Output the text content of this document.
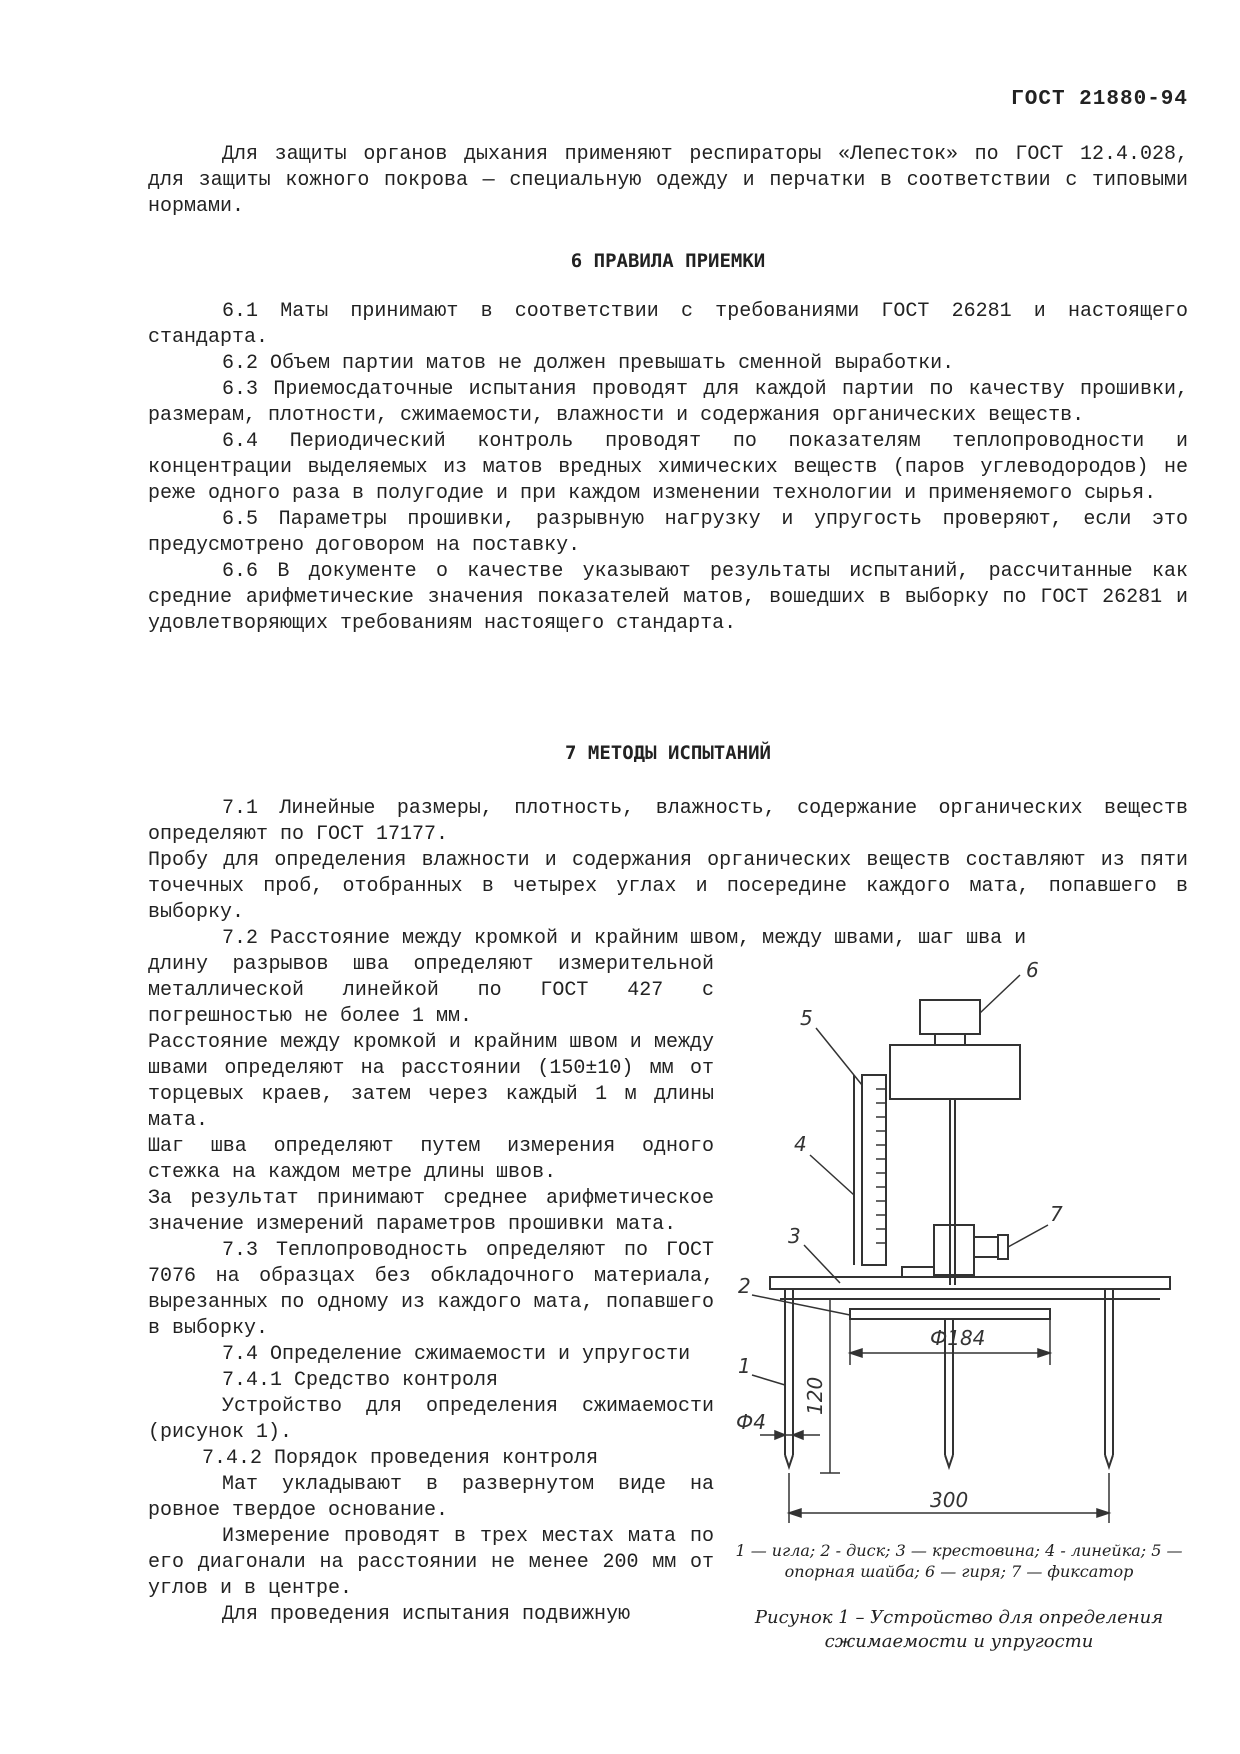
ГОСТ 21880-94

Для защиты органов дыхания применяют респираторы «Лепесток» по ГОСТ 12.4.028, для защиты кожного покрова — специальную одежду и перчатки в соответствии с типовыми нормами.

6 ПРАВИЛА ПРИЕМКИ

6.1 Маты принимают в соответствии с требованиями ГОСТ 26281 и настоящего стандарта.

6.2 Объем партии матов не должен превышать сменной выработки.

6.3 Приемосдаточные испытания проводят для каждой партии по качеству прошивки, размерам, плотности, сжимаемости, влажности и содержания органических веществ.

6.4 Периодический контроль проводят по показателям теплопроводности и концентрации выделяемых из матов вредных химических веществ (паров углеводородов) не реже одного раза в полугодие и при каждом изменении технологии и применяемого сырья.

6.5 Параметры прошивки, разрывную нагрузку и упругость проверяют, если это предусмотрено договором на поставку.

6.6 В документе о качестве указывают результаты испытаний, рассчитанные как средние арифметические значения показателей матов, вошедших в выборку по ГОСТ 26281 и удовлетворяющих требованиям настоящего стандарта.

7 МЕТОДЫ ИСПЫТАНИЙ

7.1 Линейные размеры, плотность, влажность, содержание органических веществ определяют по ГОСТ 17177.

Пробу для определения влажности и содержания органических веществ составляют из пяти точечных проб, отобранных в четырех углах и посередине каждого мата, попавшего в выборку.

7.2 Расстояние между кромкой и крайним швом, между швами, шаг шва и

длину разрывов шва определяют измерительной металлической линейкой по ГОСТ 427 с погрешностью не более 1 мм.

Расстояние между кромкой и крайним швом и между швами определяют на расстоянии (150±10) мм от торцевых краев, затем через каждый 1 м длины мата.

Шаг шва определяют путем измерения одного стежка на каждом метре длины швов.

За результат принимают среднее арифметическое значение измерений параметров прошивки мата.

7.3 Теплопроводность определяют по ГОСТ 7076 на образцах без обкладочного материала, вырезанных по одному из каждого мата, попавшего в выборку.

7.4 Определение сжимаемости и упругости

7.4.1 Средство контроля

Устройство для определения сжимаемости (рисунок 1).

7.4.2 Порядок проведения контроля

Мат укладывают в развернутом виде на ровное твердое основание.

Измерение проводят в трех местах мата по его диагонали на расстоянии не менее 200 мм от углов и в центре.

Для проведения испытания подвижную

6
5
4
7
3
2
1
Ф184
Ф4
120
300
1 — игла; 2 - диск; 3 — крестовина; 4 - линейка; 5 — опорная шайба; 6 — гиря; 7 — фиксатор
Рисунок 1 – Устройство для определения сжимаемости и упругости
